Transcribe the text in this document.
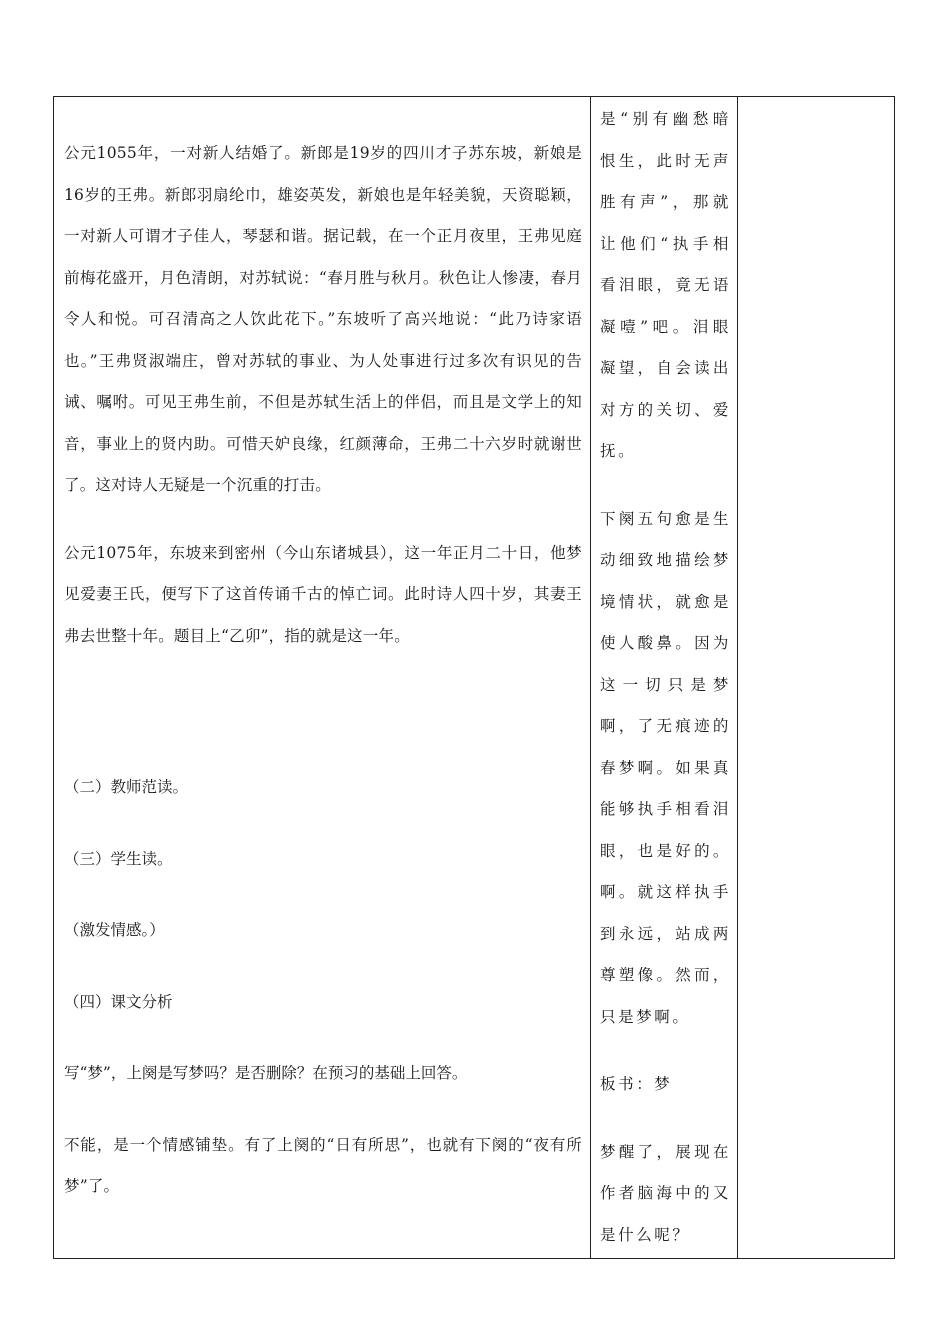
公元1055年，一对新人结婚了。新郎是19岁的四川才子苏东坡，新娘是16岁的王弗。新郎羽扇纶巾，雄姿英发，新娘也是年轻美貌，天资聪颖，一对新人可谓才子佳人，琴瑟和谐。据记载，在一个正月夜里，王弗见庭前梅花盛开，月色清朗，对苏轼说：“春月胜与秋月。秋色让人惨凄，春月令人和悦。可召清高之人饮此花下。”东坡听了高兴地说：“此乃诗家语也。”王弗贤淑端庄，曾对苏轼的事业、为人处事进行过多次有识见的告诫、嘱咐。可见王弗生前，不但是苏轼生活上的伴侣，而且是文学上的知音，事业上的贤内助。可惜天妒良缘，红颜薄命，王弗二十六岁时就谢世了。这对诗人无疑是一个沉重的打击。

公元1075年，东坡来到密州（今山东诸城县），这一年正月二十日，他梦见爱妻王氏，便写下了这首传诵千古的悼亡词。此时诗人四十岁，其妻王弗去世整十年。题目上“乙卯”，指的就是这一年。

（二）教师范读。

（三）学生读。

（激发情感。）

（四）课文分析

写“梦”，上阕是写梦吗？是否删除？在预习的基础上回答。

不能，是一个情感铺垫。有了上阕的“日有所思”，也就有下阕的“夜有所梦”了。

是“别有幽愁暗恨生，此时无声胜有声”，那就让他们“执手相看泪眼，竟无语凝噎”吧。泪眼凝望，自会读出对方的关切、爱抚。

下阕五句愈是生动细致地描绘梦境情状，就愈是使人酸鼻。因为这一切只是梦啊，了无痕迹的春梦啊。如果真能够执手相看泪眼，也是好的。啊。就这样执手到永远，站成两尊塑像。然而，只是梦啊。

板书：梦

梦醒了，展现在作者脑海中的又是什么呢？
